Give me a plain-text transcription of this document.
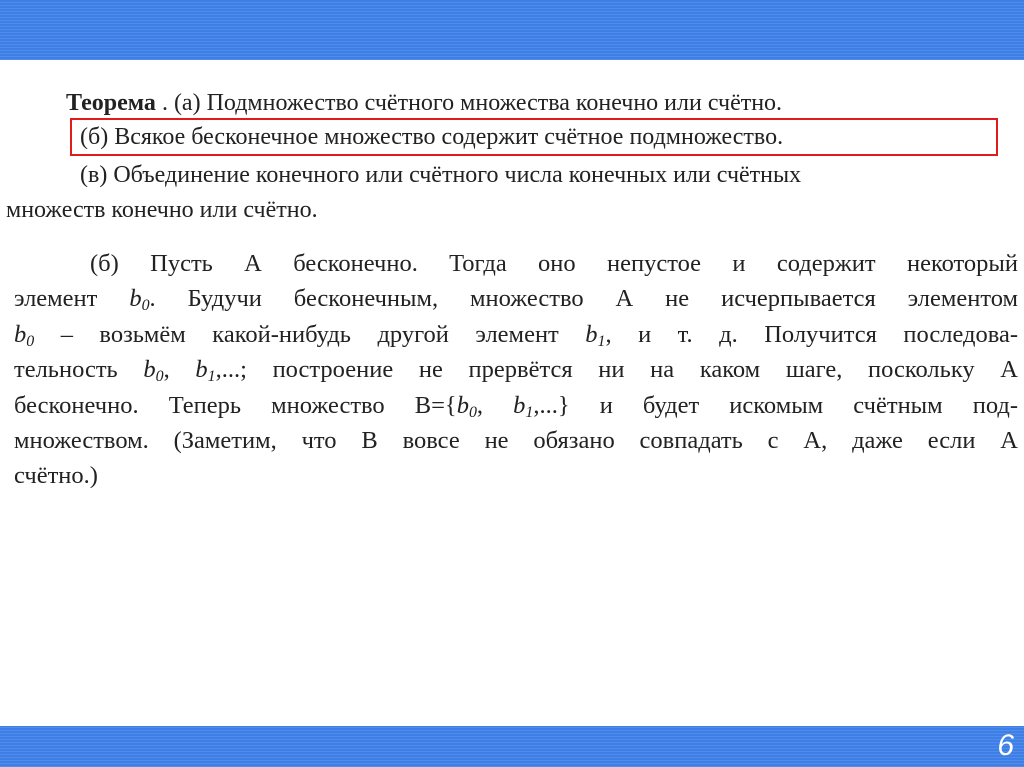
Теорема . (а) Подмножество счётного множества конечно или счётно.
(б) Всякое бесконечное множество содержит счётное подмножество.
(в) Объединение конечного или счётного числа конечных или счётных
множеств конечно или счётно.
(б) Пусть А бесконечно. Тогда оно непустое и содержит некоторый
элемент $b_0$. Будучи бесконечным, множество А не исчерпывается элементом
$b_0$ – возьмём какой-нибудь другой элемент $b_1$, и т. д. Получится последова-
тельность $b_0$, $b_1$,...; построение не прервётся ни на каком шаге, поскольку А
бесконечно. Теперь множество $В=\{b_0$, $b_1$,...} и будет искомым счётным под-
множеством. (Заметим, что В вовсе не обязано совпадать с А, даже если А
счётно.)
6
